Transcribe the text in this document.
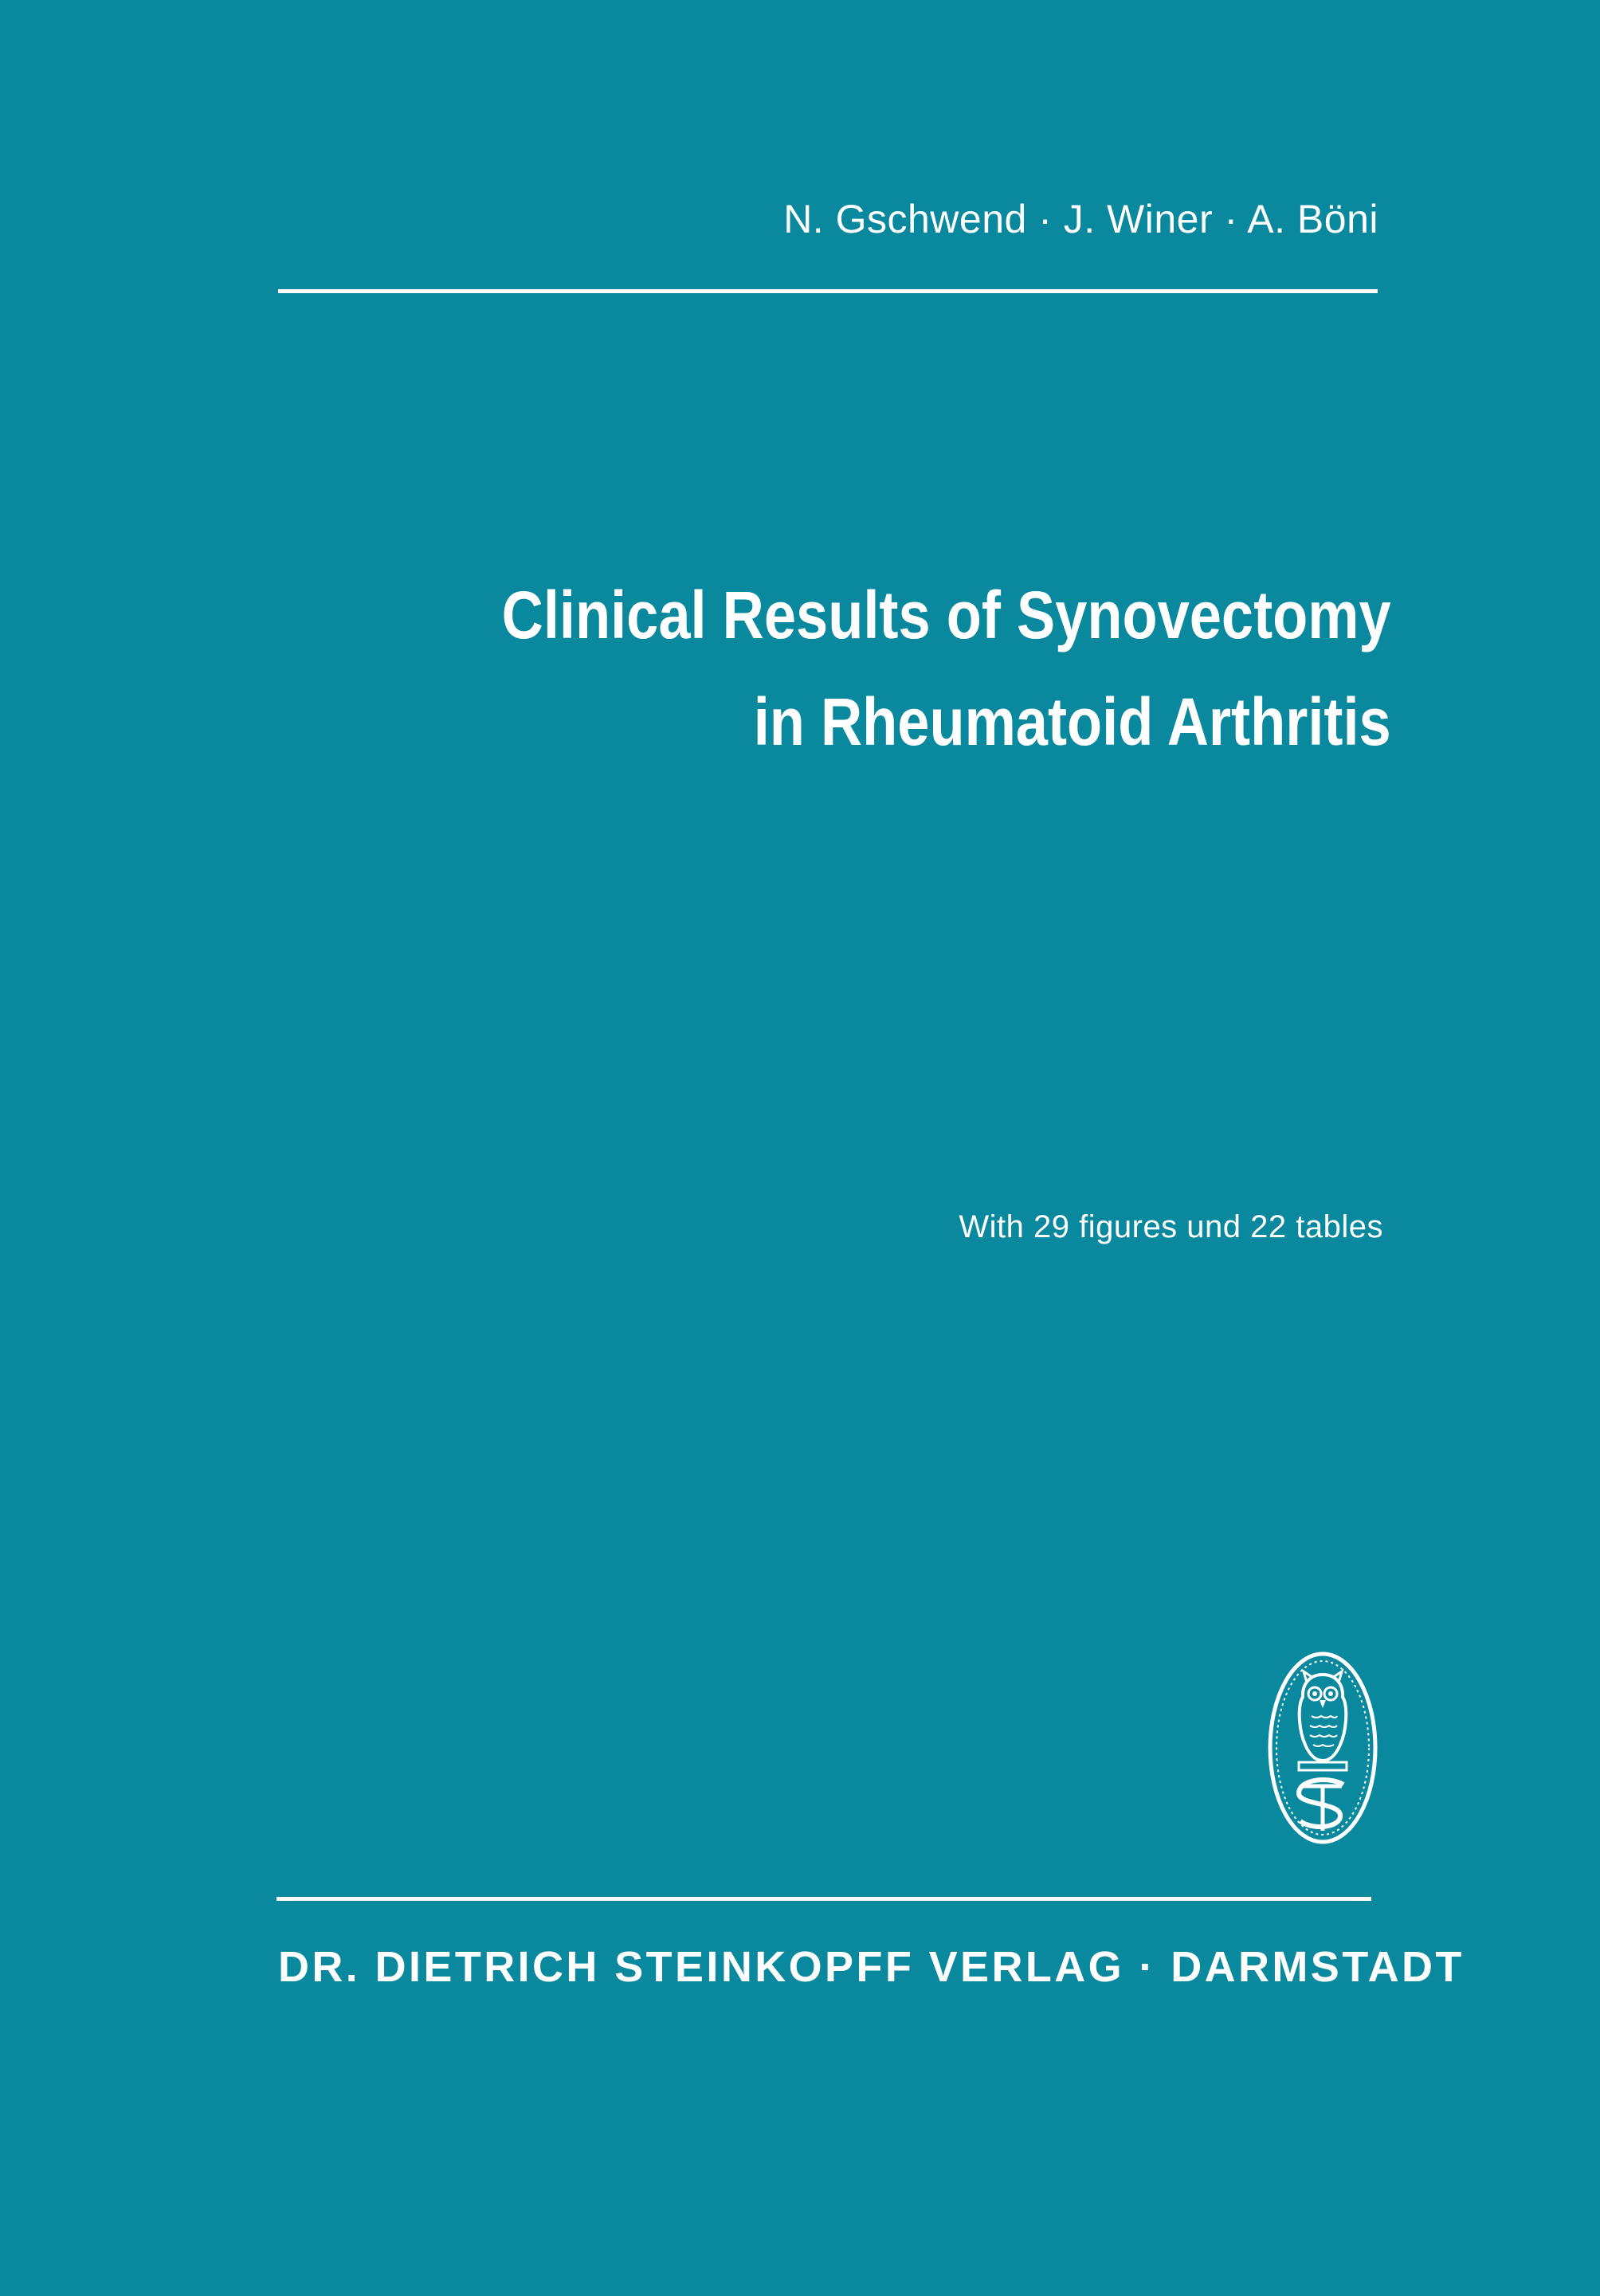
N. Gschwend · J. Winer · A. Böni
Clinical Results of Synovectomy
in Rheumatoid Arthritis
With 29 figures und 22 tables
DR. DIETRICH STEINKOPFF VERLAG · DARMSTADT
